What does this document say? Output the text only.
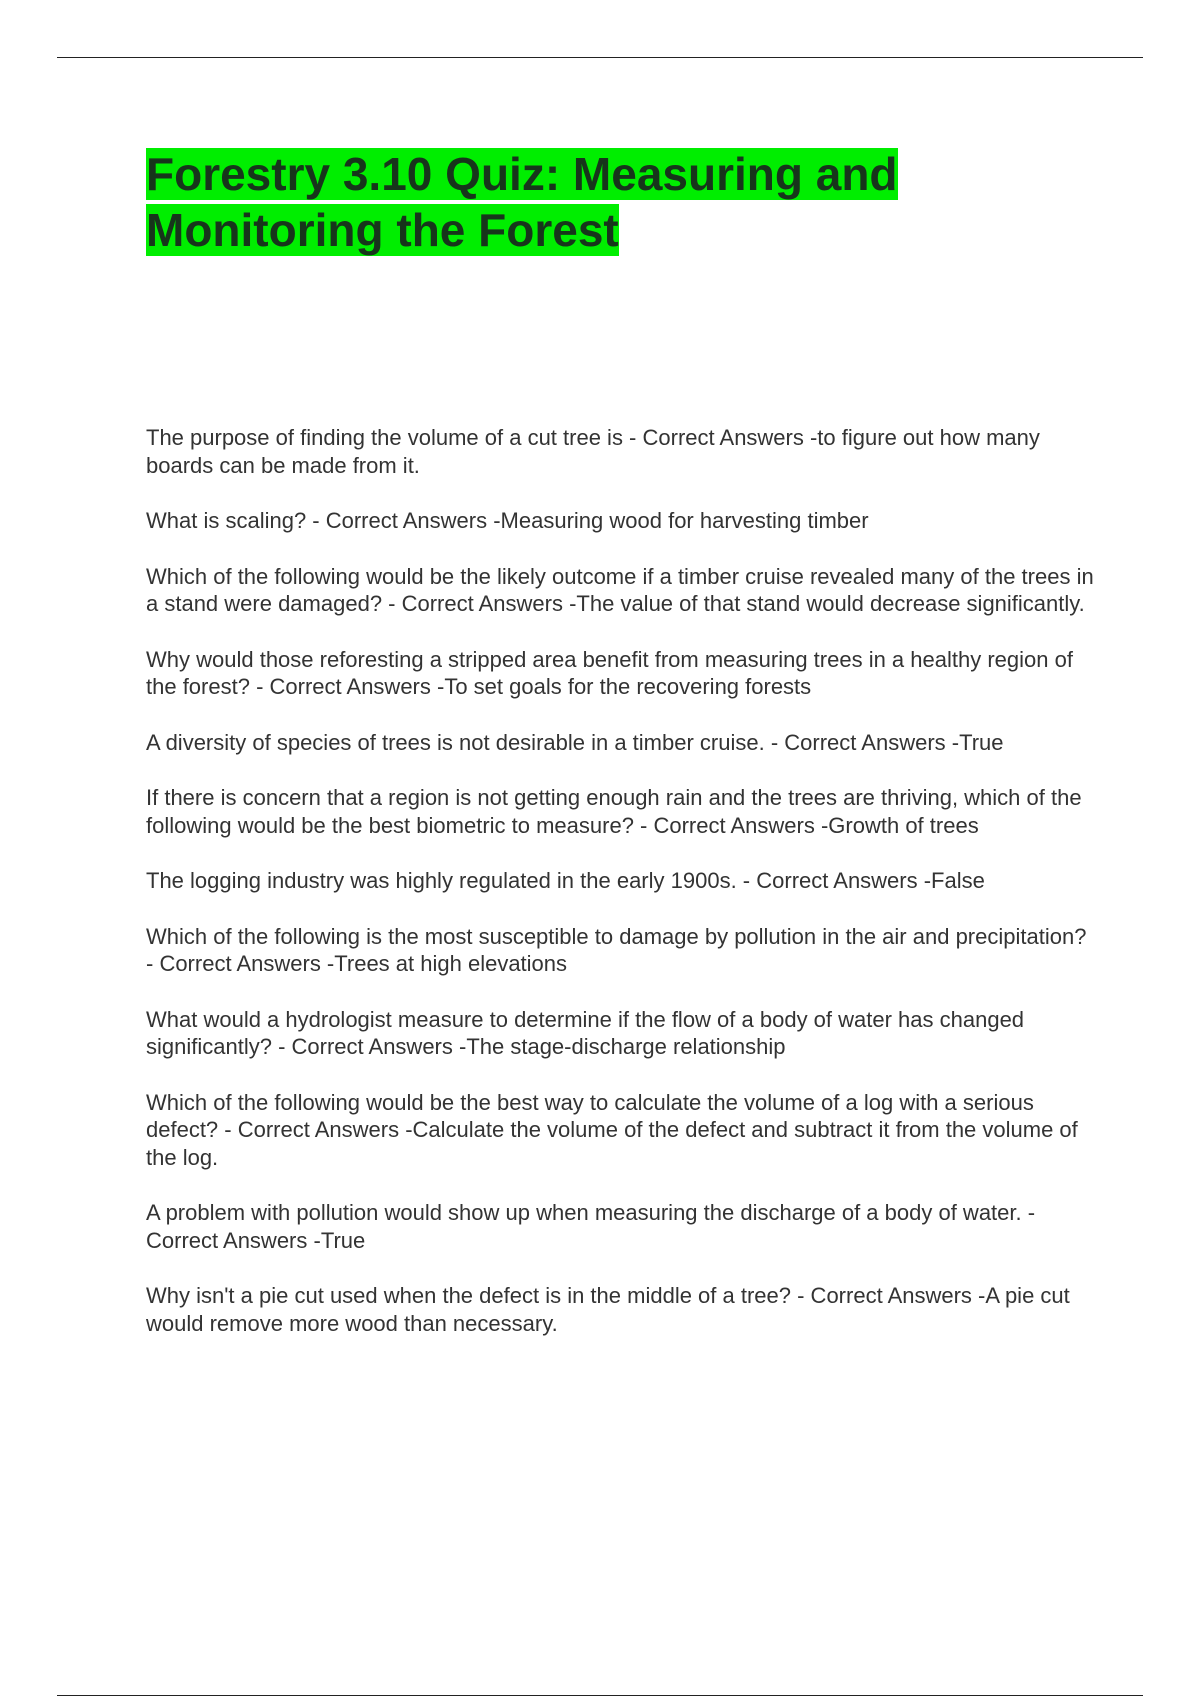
Forestry 3.10 Quiz: Measuring and Monitoring the Forest
The purpose of finding the volume of a cut tree is - Correct Answers -to figure out how many boards can be made from it.
What is scaling? - Correct Answers -Measuring wood for harvesting timber
Which of the following would be the likely outcome if a timber cruise revealed many of the trees in a stand were damaged? - Correct Answers -The value of that stand would decrease significantly.
Why would those reforesting a stripped area benefit from measuring trees in a healthy region of the forest? - Correct Answers -To set goals for the recovering forests
A diversity of species of trees is not desirable in a timber cruise. - Correct Answers -True
If there is concern that a region is not getting enough rain and the trees are thriving, which of the following would be the best biometric to measure? - Correct Answers -Growth of trees
The logging industry was highly regulated in the early 1900s. - Correct Answers -False
Which of the following is the most susceptible to damage by pollution in the air and precipitation? - Correct Answers -Trees at high elevations
What would a hydrologist measure to determine if the flow of a body of water has changed significantly? - Correct Answers -The stage-discharge relationship
Which of the following would be the best way to calculate the volume of a log with a serious defect? - Correct Answers -Calculate the volume of the defect and subtract it from the volume of the log.
A problem with pollution would show up when measuring the discharge of a body of water. - Correct Answers -True
Why isn't a pie cut used when the defect is in the middle of a tree? - Correct Answers -A pie cut would remove more wood than necessary.
